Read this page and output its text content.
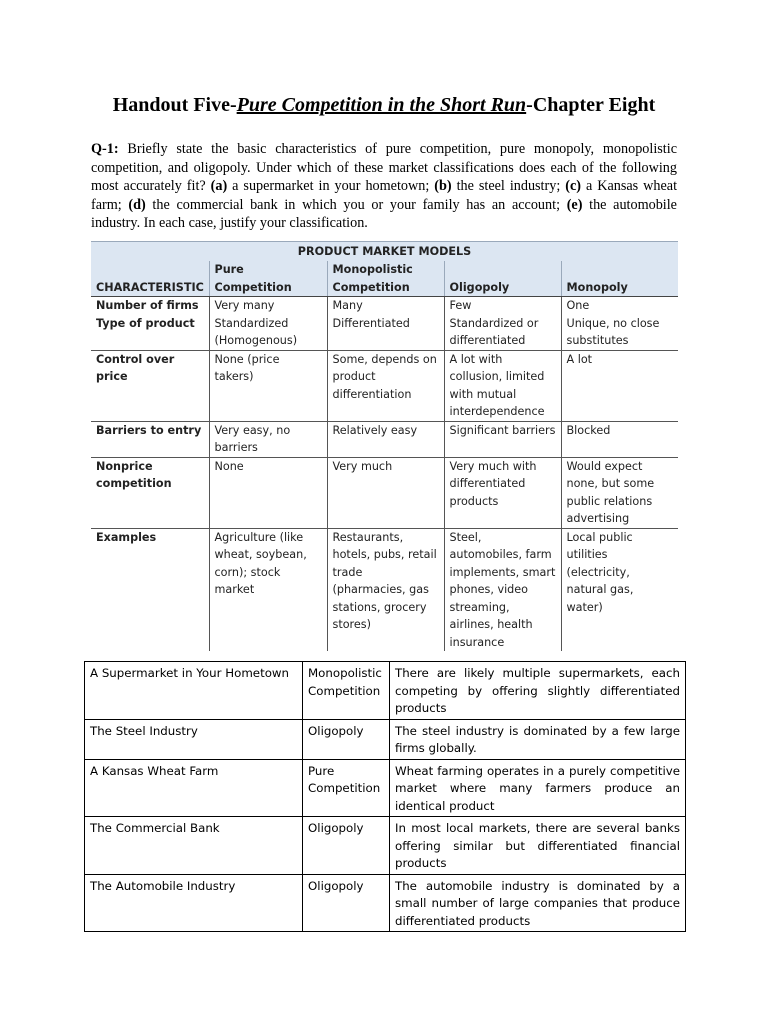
Handout Five-Pure Competition in the Short Run-Chapter Eight
Q-1: Briefly state the basic characteristics of pure competition, pure monopoly, monopolistic competition, and oligopoly. Under which of these market classifications does each of the following most accurately fit? (a) a supermarket in your hometown; (b) the steel industry; (c) a Kansas wheat farm; (d) the commercial bank in which you or your family has an account; (e) the automobile industry. In each case, justify your classification.
PRODUCT MARKET MODELS				
CHARACTERISTIC	Pure Competition	Monopolistic Competition	Oligopoly	Monopoly
Number of firms	Very many	Many	Few	One
Type of product	Standardized (Homogenous)	Differentiated	Standardized or differentiated	Unique, no close substitutes
Control over price	None (price takers)	Some, depends on product differentiation	A lot with collusion, limited with mutual interdependence	A lot
Barriers to entry	Very easy, no barriers	Relatively easy	Significant barriers	Blocked
Nonprice competition	None	Very much	Very much with differentiated products	Would expect none, but some public relations advertising
Examples	Agriculture (like wheat, soybean, corn); stock market	Restaurants, hotels, pubs, retail trade (pharmacies, gas stations, grocery stores)	Steel, automobiles, farm implements, smart phones, video streaming, airlines, health insurance	Local public utilities (electricity, natural gas, water)
A Supermarket in Your Hometown	Monopolistic Competition	There are likely multiple supermarkets, each competing by offering slightly differentiated products
The Steel Industry	Oligopoly	The steel industry is dominated by a few large firms globally.
A Kansas Wheat Farm	Pure Competition	Wheat farming operates in a purely competitive market where many farmers produce an identical product
The Commercial Bank	Oligopoly	In most local markets, there are several banks offering similar but differentiated financial products
The Automobile Industry	Oligopoly	The automobile industry is dominated by a small number of large companies that produce differentiated products
